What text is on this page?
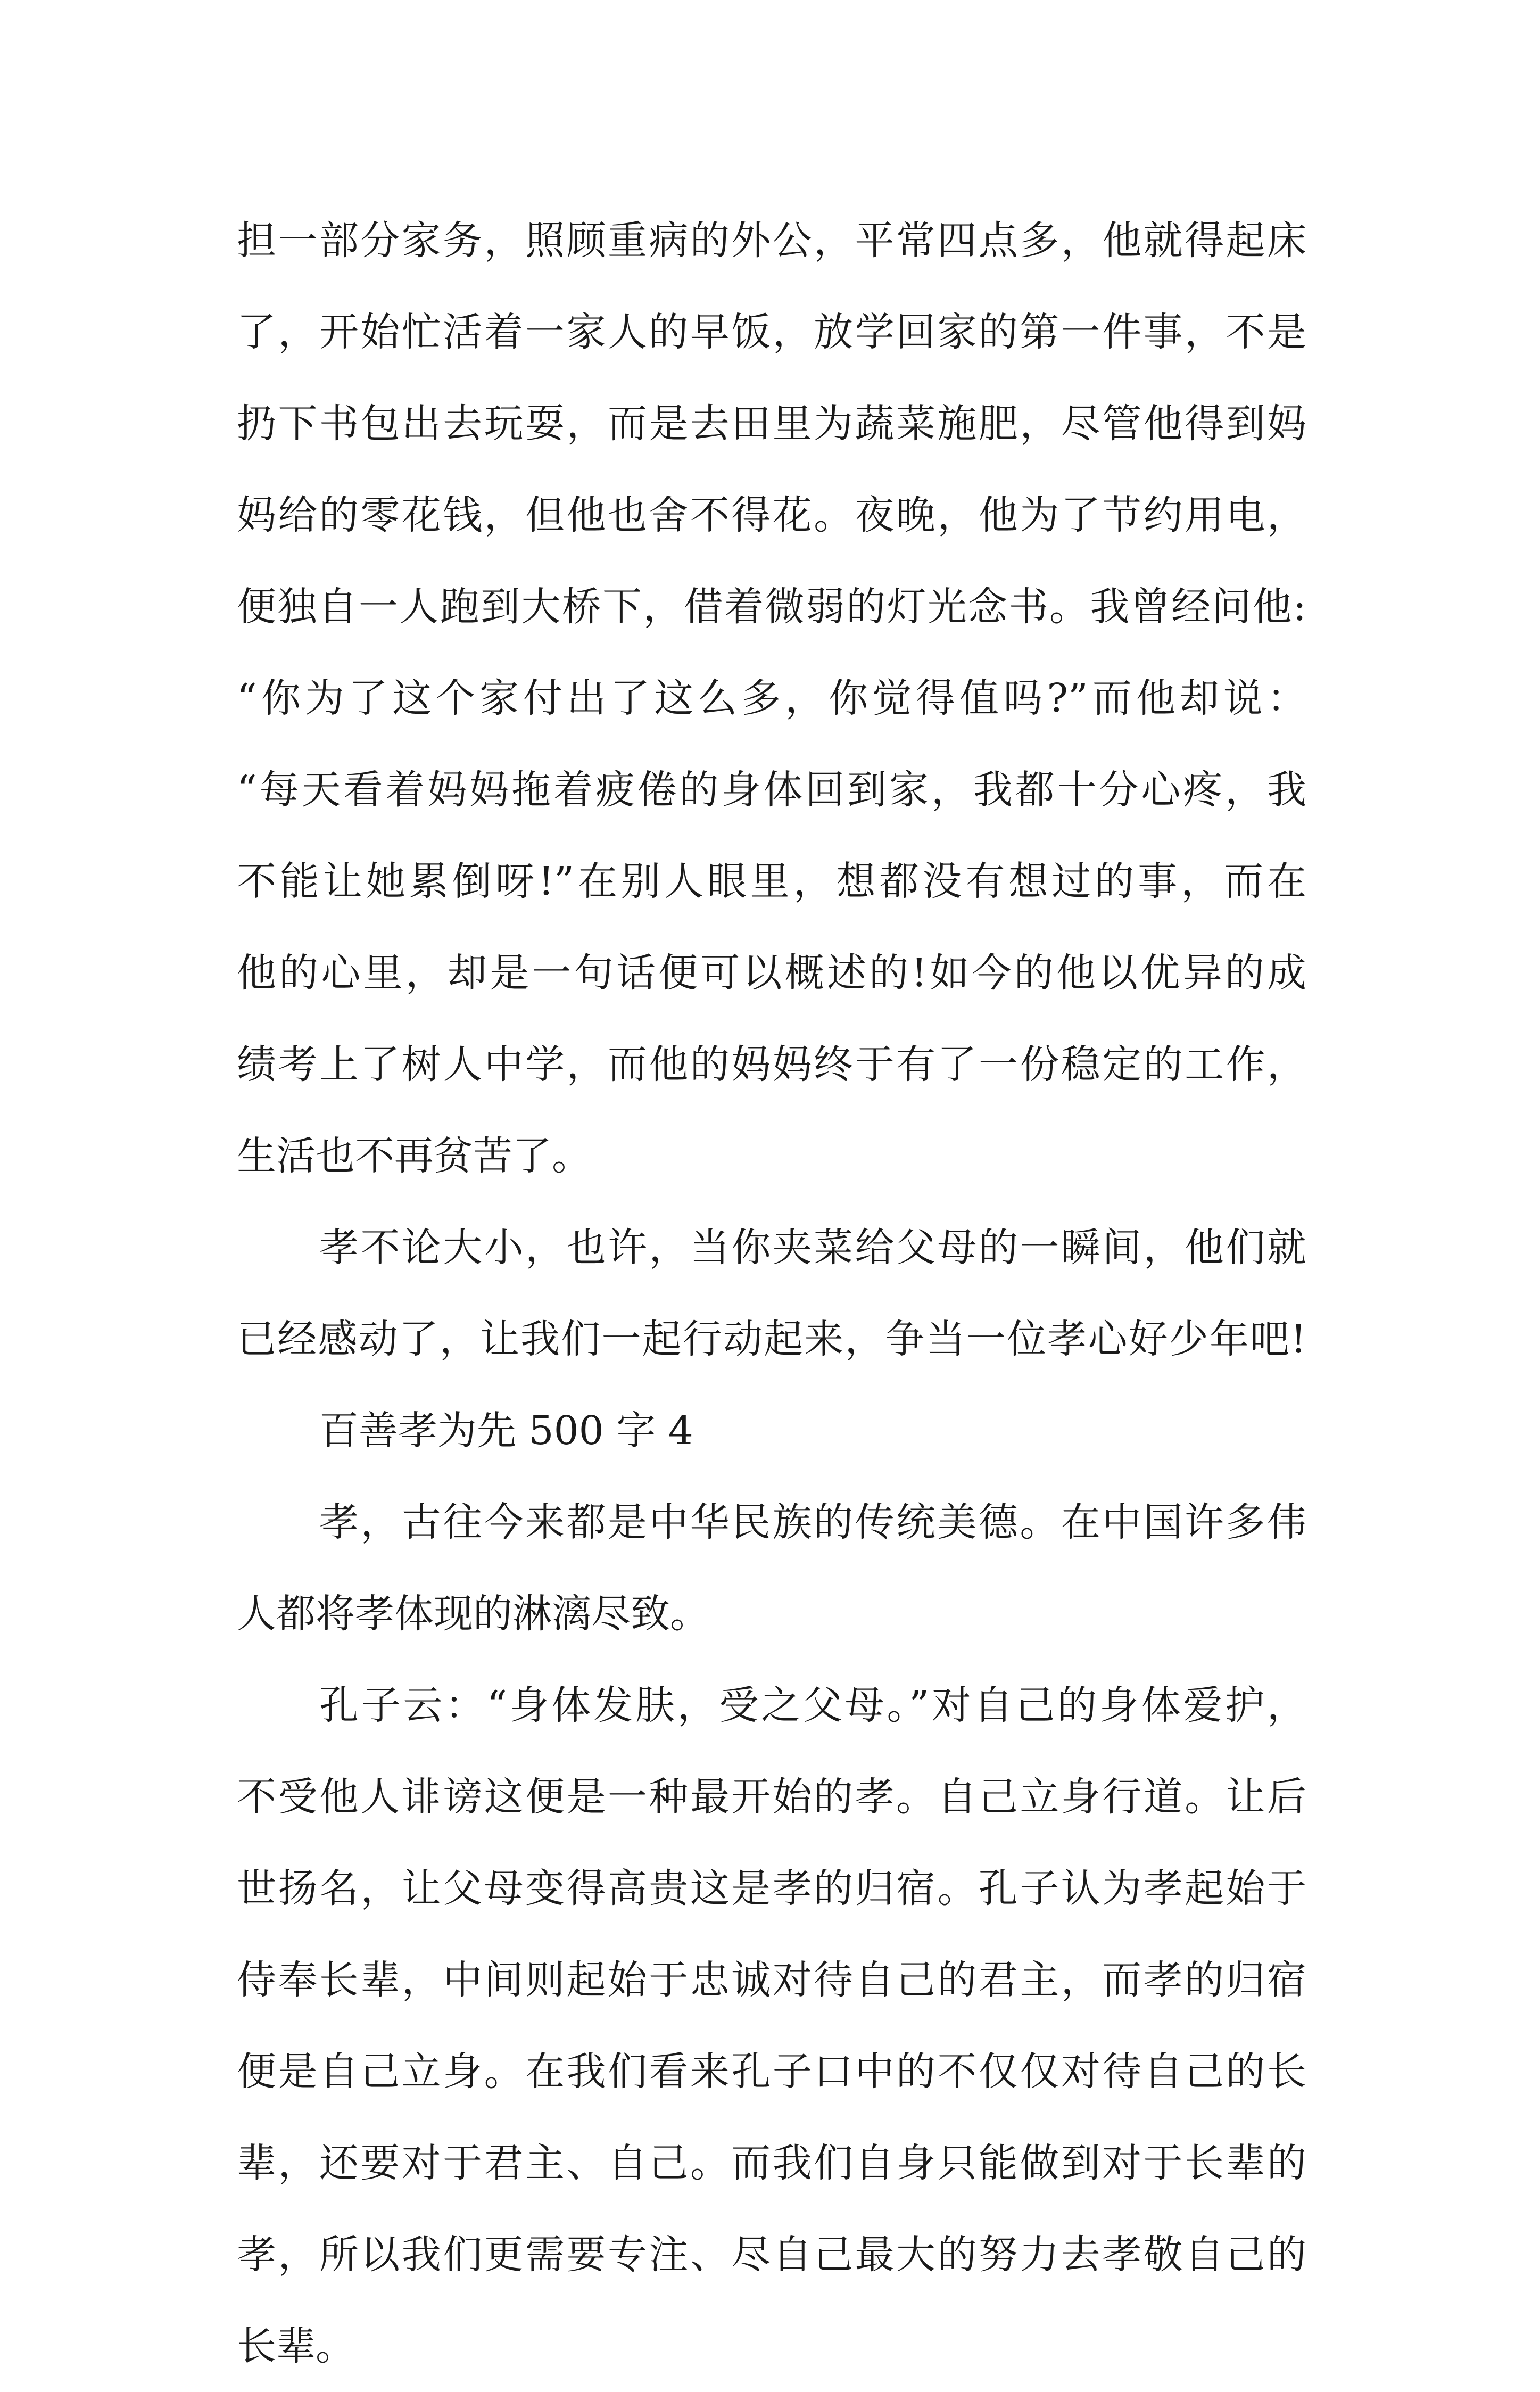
担一部分家务，照顾重病的外公，平常四点多，他就得起床
了，开始忙活着一家人的早饭，放学回家的第一件事，不是
扔下书包出去玩耍，而是去田里为蔬菜施肥，尽管他得到妈
妈给的零花钱，但他也舍不得花。夜晚，他为了节约用电，
便独自一人跑到大桥下，借着微弱的灯光念书。我曾经问他:
“你为了这个家付出了这么多，你觉得值吗?”而他却说：
“每天看着妈妈拖着疲倦的身体回到家，我都十分心疼，我
不能让她累倒呀!”在别人眼里，想都没有想过的事，而在
他的心里，却是一句话便可以概述的!如今的他以优异的成
绩考上了树人中学，而他的妈妈终于有了一份稳定的工作，
生活也不再贫苦了。
孝不论大小，也许，当你夹菜给父母的一瞬间，他们就
已经感动了，让我们一起行动起来，争当一位孝心好少年吧!
百善孝为先 500 字 4
孝，古往今来都是中华民族的传统美德。在中国许多伟
人都将孝体现的淋漓尽致。
孔子云：“身体发肤，受之父母。”对自己的身体爱护，
不受他人诽谤这便是一种最开始的孝。自己立身行道。让后
世扬名，让父母变得高贵这是孝的归宿。孔子认为孝起始于
侍奉长辈，中间则起始于忠诚对待自己的君主，而孝的归宿
便是自己立身。在我们看来孔子口中的不仅仅对待自己的长
辈，还要对于君主、自己。而我们自身只能做到对于长辈的
孝，所以我们更需要专注、尽自己最大的努力去孝敬自己的
长辈。
